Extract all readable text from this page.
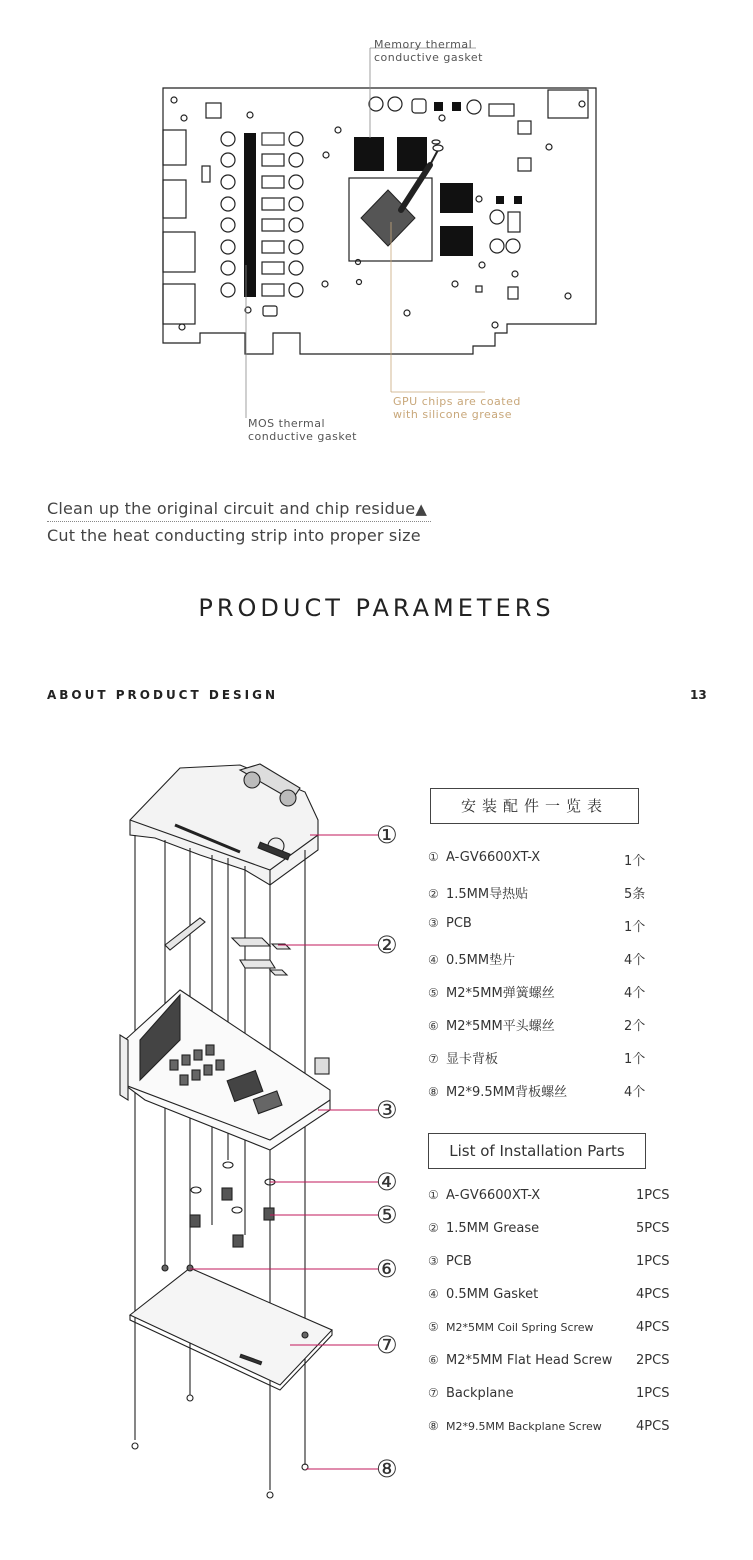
Memory thermal
conductive gasket
MOS thermal
conductive gasket
GPU chips are coated
with silicone grease
Clean up the original circuit and chip residue▲
Cut the heat conducting strip into proper size
PRODUCT PARAMETERS
ABOUT PRODUCT DESIGN	13
①
②
③
④
⑤
⑥
⑦
⑧
安装配件一览表
① A-GV6600XT-X	1个
② 1.5MM导热贴	5条
③ PCB	1个
④ 0.5MM垫片	4个
⑤ M2*5MM弹簧螺丝	4个
⑥ M2*5MM平头螺丝	2个
⑦ 显卡背板	1个
⑧ M2*9.5MM背板螺丝	4个
List of Installation Parts
① A-GV6600XT-X	1PCS
② 1.5MM Grease	5PCS
③ PCB	1PCS
④ 0.5MM Gasket	4PCS
⑤ M2*5MM Coil Spring Screw	4PCS
⑥ M2*5MM Flat Head Screw 2PCS
⑦ Backplane	1PCS
⑧ M2*9.5MM Backplane Screw	4PCS
